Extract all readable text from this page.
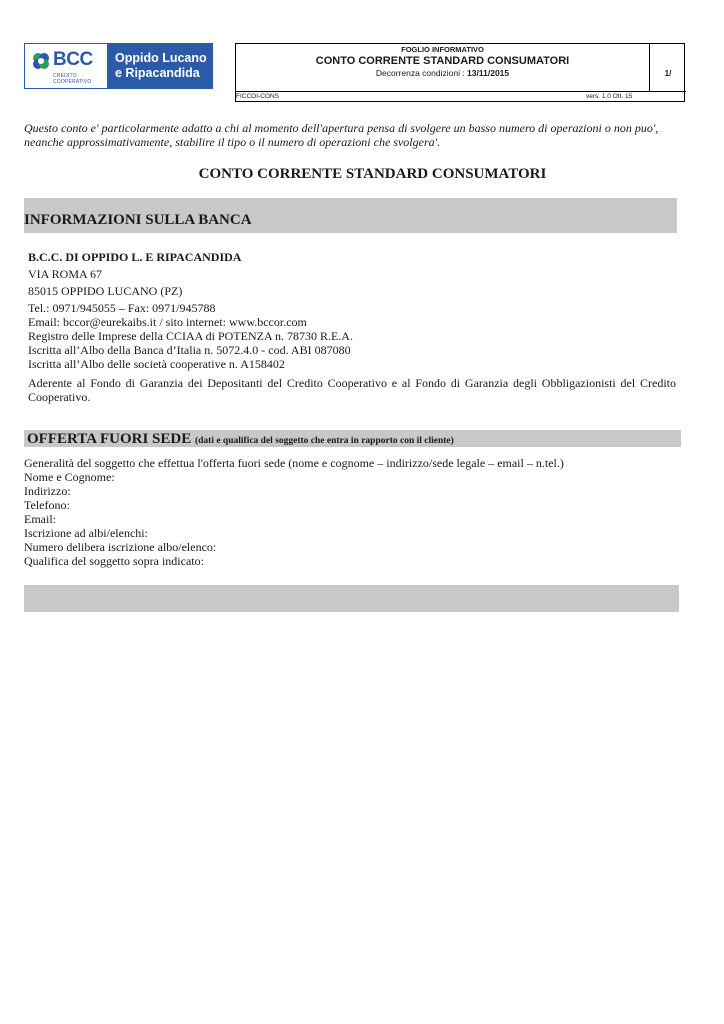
BCC
CREDITO COOPERATIVO
Oppido Lucano
e Ripacandida
FOGLIO INFORMATIVO
CONTO CORRENTE STANDARD CONSUMATORI
Decorrenza condizioni : 13/11/2015	1/
FICCOI-CONS	vers. 1.0 Ott. 15
Questo conto e' particolarmente adatto a chi al momento dell'apertura pensa di svolgere un basso numero di operazioni o non puo', neanche approssimativamente, stabilire il tipo o il numero di operazioni che svolgera'.
CONTO CORRENTE STANDARD CONSUMATORI
INFORMAZIONI SULLA BANCA
B.C.C. DI OPPIDO L. E RIPACANDIDA
VIA ROMA 67
85015 OPPIDO LUCANO (PZ)
Tel.: 0971/945055 – Fax: 0971/945788
Email: bccor@eurekaibs.it / sito internet: www.bccor.com
Registro delle Imprese della CCIAA di POTENZA n. 78730 R.E.A.
Iscritta all’Albo della Banca d’Italia n. 5072.4.0 - cod. ABI 087080
Iscritta all’Albo delle società cooperative n. A158402
Aderente al Fondo di Garanzia dei Depositanti del Credito Cooperativo e al Fondo di Garanzia degli Obbligazionisti del Credito Cooperativo.
OFFERTA FUORI SEDE (dati e qualifica del soggetto che entra in rapporto con il cliente)
Generalità del soggetto che effettua l'offerta fuori sede (nome e cognome – indirizzo/sede legale – email – n.tel.)
Nome e Cognome:
Indirizzo:
Telefono:
Email:
Iscrizione ad albi/elenchi:
Numero delibera iscrizione albo/elenco:
Qualifica del soggetto sopra indicato:
